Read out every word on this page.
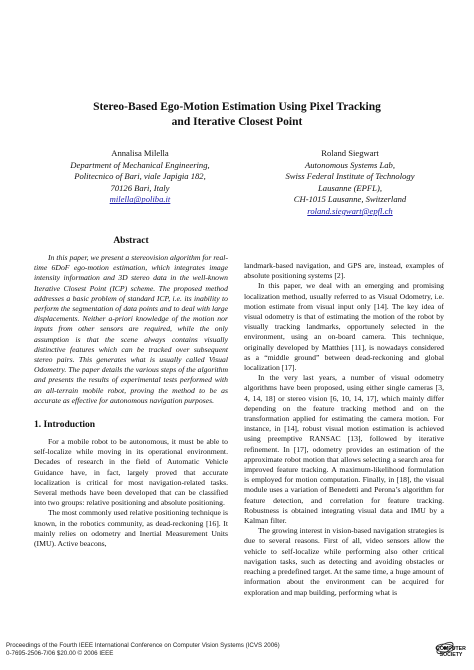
Stereo-Based Ego-Motion Estimation Using Pixel Tracking
and Iterative Closest Point
Annalisa Milella
Department of Mechanical Engineering,
Politecnico of Bari, viale Japigia 182,
70126 Bari, Italy
milella@poliba.it
Roland Siegwart
Autonomous Systems Lab,
Swiss Federal Institute of Technology
Lausanne (EPFL),
CH-1015 Lausanne, Switzerland
roland.siegwart@epfl.ch

Abstract

In this paper, we present a stereovision algorithm for real-time 6DoF ego-motion estimation, which integrates image intensity information and 3D stereo data in the well-known Iterative Closest Point (ICP) scheme. The proposed method addresses a basic problem of standard ICP, i.e. its inability to perform the segmentation of data points and to deal with large displacements. Neither a-priori knowledge of the motion nor inputs from other sensors are required, while the only assumption is that the scene always contains visually distinctive features which can be tracked over subsequent stereo pairs. This generates what is usually called Visual Odometry. The paper details the various steps of the algorithm and presents the results of experimental tests performed with an all-terrain mobile robot, proving the method to be as accurate as effective for autonomous navigation purposes.

1. Introduction

For a mobile robot to be autonomous, it must be able to self-localize while moving in its operational environment. Decades of research in the field of Automatic Vehicle Guidance have, in fact, largely proved that accurate localization is critical for most navigation-related tasks. Several methods have been developed that can be classified into two groups: relative positioning and absolute positioning.

The most commonly used relative positioning technique is known, in the robotics community, as dead-reckoning [16]. It mainly relies on odometry and Inertial Measurement Units (IMU). Active beacons,

landmark-based navigation, and GPS are, instead, examples of absolute positioning systems [2].

In this paper, we deal with an emerging and promising localization method, usually referred to as Visual Odometry, i.e. motion estimate from visual input only [14]. The key idea of visual odometry is that of estimating the motion of the robot by visually tracking landmarks, opportunely selected in the environment, using an on-board camera. This technique, originally developed by Matthies [11], is nowadays considered as a “middle ground” between dead-reckoning and global localization [17].

In the very last years, a number of visual odometry algorithms have been proposed, using either single cameras [3, 4, 14, 18] or stereo vision [6, 10, 14, 17], which mainly differ depending on the feature tracking method and on the transformation applied for estimating the camera motion. For instance, in [14], robust visual motion estimation is achieved using preemptive RANSAC [13], followed by iterative refinement. In [17], odometry provides an estimation of the approximate robot motion that allows selecting a search area for improved feature tracking. A maximum-likelihood formulation is employed for motion computation. Finally, in [18], the visual module uses a variation of Benedetti and Perona’s algorithm for feature detection, and correlation for feature tracking. Robustness is obtained integrating visual data and IMU by a Kalman filter.

The growing interest in vision-based navigation strategies is due to several reasons. First of all, video sensors allow the vehicle to self-localize while performing also other critical navigation tasks, such as detecting and avoiding obstacles or reaching a predefined target. At the same time, a huge amount of information about the environment can be acquired for exploration and map building, performing what is

Proceedings of the Fourth IEEE International Conference on Computer Vision Systems (ICVS 2006)
0-7695-2506-7/06 $20.00 © 2006 IEEE
COMPUTER
SOCIETY
